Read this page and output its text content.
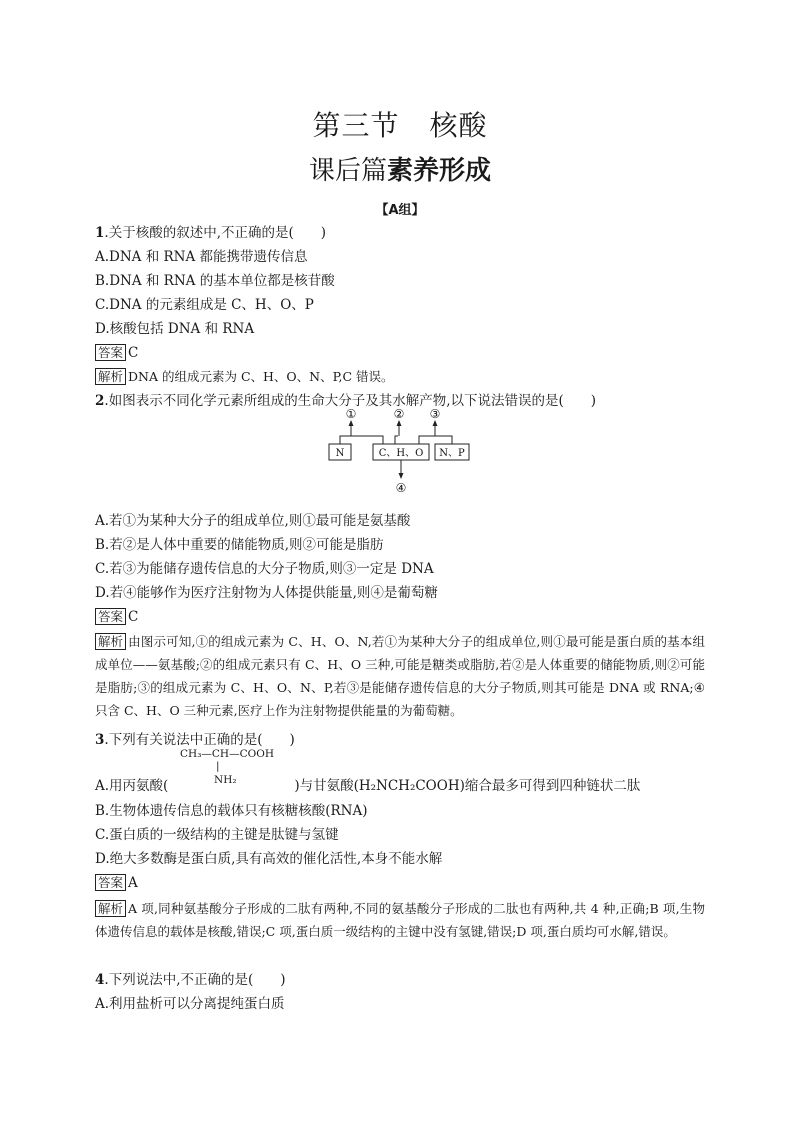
第三节 核酸
课后篇素养形成
【A组】
1.关于核酸的叙述中,不正确的是(　　)
A.DNA 和 RNA 都能携带遗传信息
B.DNA 和 RNA 的基本单位都是核苷酸
C.DNA 的元素组成是 C、H、O、P
D.核酸包括 DNA 和 RNA
答案 C
解析 DNA 的组成元素为 C、H、O、N、P,C 错误。
2.如图表示不同化学元素所组成的生命大分子及其水解产物,以下说法错误的是(　　)
N	C、H、O N、P
①	② ③
④
A.若①为某种大分子的组成单位,则①最可能是氨基酸
B.若②是人体中重要的储能物质,则②可能是脂肪
C.若③为能储存遗传信息的大分子物质,则③一定是 DNA
D.若④能够作为医疗注射物为人体提供能量,则④是葡萄糖
答案 C
解析 由图示可知,①的组成元素为 C、H、O、N,若①为某种大分子的组成单位,则①最可能是蛋白质的基本组成单位——氨基酸;②的组成元素只有 C、H、O 三种,可能是糖类或脂肪,若②是人体重要的储能物质,则②可能是脂肪;③的组成元素为 C、H、O、N、P,若③是能储存遗传信息的大分子物质,则其可能是 DNA 或 RNA;④只含 C、H、O 三种元素,医疗上作为注射物提供能量的为葡萄糖。
3.下列有关说法中正确的是(　　)
CH₃—CH—COOH
|
NH₂
A.用丙氨酸(	)与甘氨酸(H₂NCH₂COOH)缩合最多可得到四种链状二肽
B.生物体遗传信息的载体只有核糖核酸(RNA)
C.蛋白质的一级结构的主键是肽键与氢键
D.绝大多数酶是蛋白质,具有高效的催化活性,本身不能水解
答案 A
解析 A 项,同种氨基酸分子形成的二肽有两种,不同的氨基酸分子形成的二肽也有两种,共 4 种,正确;B 项,生物体遗传信息的载体是核酸,错误;C 项,蛋白质一级结构的主键中没有氢键,错误;D 项,蛋白质均可水解,错误。
4.下列说法中,不正确的是(　　)
A.利用盐析可以分离提纯蛋白质
